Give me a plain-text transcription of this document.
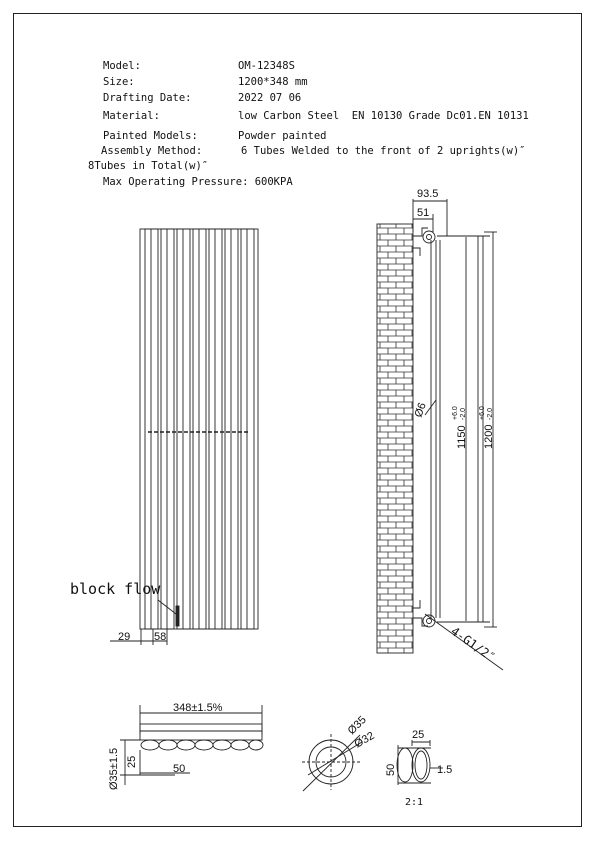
Model:

	OM-12348S

Size:

	1200*348 mm

Drafting Date:

	2022 07 06

Material:

	low Carbon Steel  EN 10130 Grade Dc01.EN 10131

Painted Models:

	Powder painted

Assembly Method:

	6 Tubes Welded to the front of 2 uprights(w)″

8Tubes in Total(w)″

Max Operating Pressure: 600KPA

block flow
29 58
93.5
51
Ø6
1150
+6.0 -2.0
1200
+6.0 -2.0
4-G1/2″
348±1.5%
Ø35±1.5 25
50
Ø35
Ø32	25
50	1.5
2:1
